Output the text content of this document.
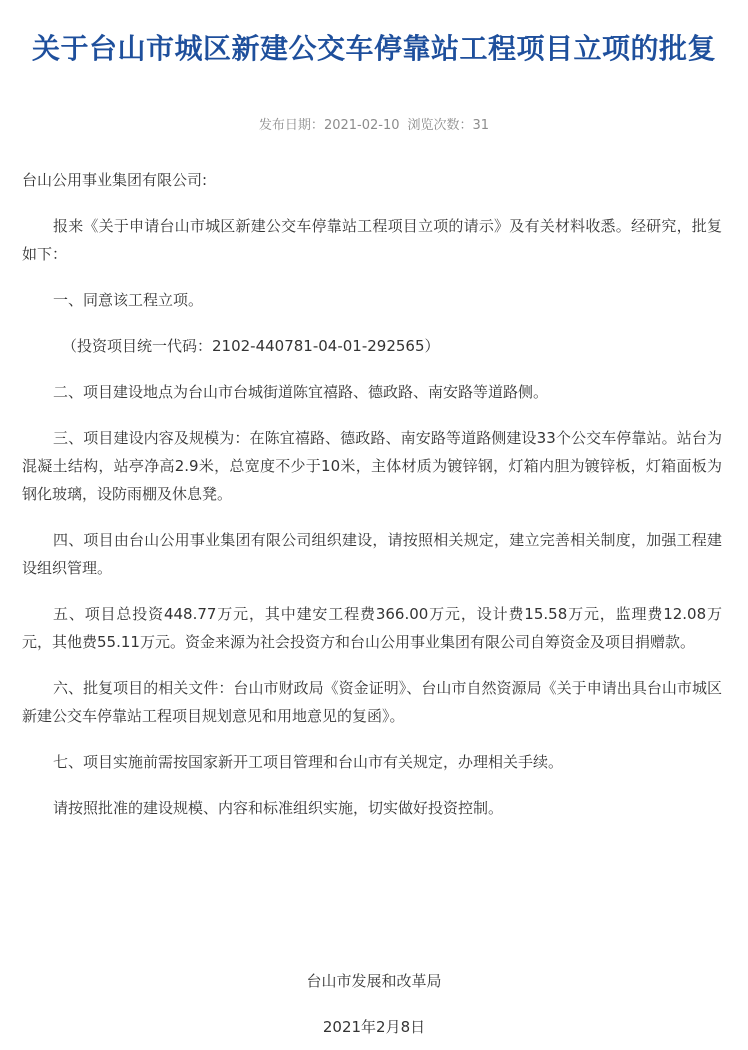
关于台山市城区新建公交车停靠站工程项目立项的批复
发布日期：2021-02-10 浏览次数：31

台山公用事业集团有限公司:

报来《关于申请台山市城区新建公交车停靠站工程项目立项的请示》及有关材料收悉。经研究，批复如下：

一、同意该工程立项。

（投资项目统一代码：2102-440781-04-01-292565）

二、项目建设地点为台山市台城街道陈宜禧路、德政路、南安路等道路侧。

三、项目建设内容及规模为：在陈宜禧路、德政路、南安路等道路侧建设33个公交车停靠站。站台为混凝土结构，站亭净高2.9米，总宽度不少于10米，主体材质为镀锌钢，灯箱内胆为镀锌板，灯箱面板为钢化玻璃，设防雨棚及休息凳。

四、项目由台山公用事业集团有限公司组织建设，请按照相关规定，建立完善相关制度，加强工程建设组织管理。

五、项目总投资448.77万元，其中建安工程费366.00万元，设计费15.58万元，监理费12.08万元，其他费55.11万元。资金来源为社会投资方和台山公用事业集团有限公司自筹资金及项目捐赠款。

六、批复项目的相关文件：台山市财政局《资金证明》、台山市自然资源局《关于申请出具台山市城区新建公交车停靠站工程项目规划意见和用地意见的复函》。

七、项目实施前需按国家新开工项目管理和台山市有关规定，办理相关手续。

请按照批准的建设规模、内容和标准组织实施，切实做好投资控制。

台山市发展和改革局
2021年2月8日
